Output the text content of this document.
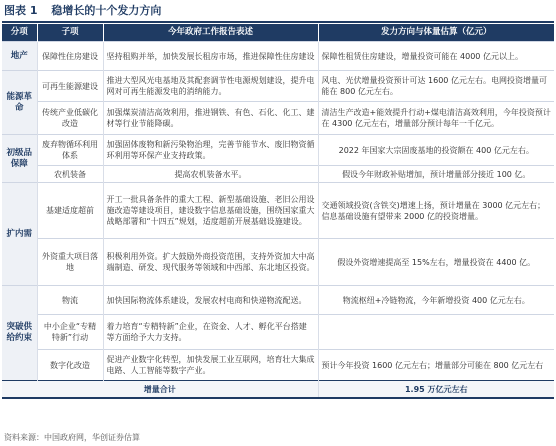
图表 1 稳增长的十个发力方向
分项	子项	今年政府工作报告表述	发力方向与体量估算（亿元）
地产	保障性住房建设	坚持租购并举，加快发展长租房市场，推进保障性住房建设	保障性租赁住房建设，增量投资可能在 4000 亿元以上。
能源革命	可再生能源建设	推进大型风光电基地及其配套调节性电源规划建设，提升电网对可再生能源发电的消纳能力。	风电、光伏增量投资预计可达 1600 亿元左右。电网投资增量可能在 800 亿元左右。
	传统产业低碳化改造	加强煤炭清洁高效利用，推进钢铁、有色、石化、化工、建材等行业节能降碳。	清洁生产改造+能效提升行动+煤电清洁高效利用，今年投资预计在 4300 亿元左右，增量部分预计每年一千亿元。
初级品保障	废弃物循环利用体系	加强固体废物和新污染物治理，完善节能节水、废旧物资循环利用等环保产业支持政策。	2022 年国家大宗固废基地的投资额在 400 亿元左右。
	农机装备	提高农机装备水平。	假设今年财政补贴增加，预计增量部分接近 100 亿。
扩内需	基建适度超前	开工一批具备条件的重大工程、新型基础设施、老旧公用设施改造等建设项目，建设数字信息基础设施，围绕国家重大战略部署和“十四五”规划，适度超前开展基础设施建设。	交通领域投资(含铁交)增速上扬，预计增量在 3000 亿元左右；信息基础设施有望带来 2000 亿的投资增量。
	外资重大项目落地	积极利用外资。扩大鼓励外商投资范围，支持外资加大中高端制造、研发、现代服务等领域和中西部、东北地区投资。	假设外资增速提高至 15%左右，增量投资在 4400 亿。
突破供给约束	物流	加快国际物流体系建设，发展农村电商和快递物流配送。	物流枢纽+冷链物流，今年新增投资 400 亿元左右。
	中小企业“专精特新”行动	着力培育“专精特新”企业，在资金、人才、孵化平台搭建等方面给予大力支持。	
	数字化改造	促进产业数字化转型，加快发展工业互联网，培育壮大集成电路、人工智能等数字产业。	预计今年投资 1600 亿元左右；增量部分可能在 800 亿元左右
增量合计			1.95 万亿元左右
资料来源：中国政府网，华创证券估算
